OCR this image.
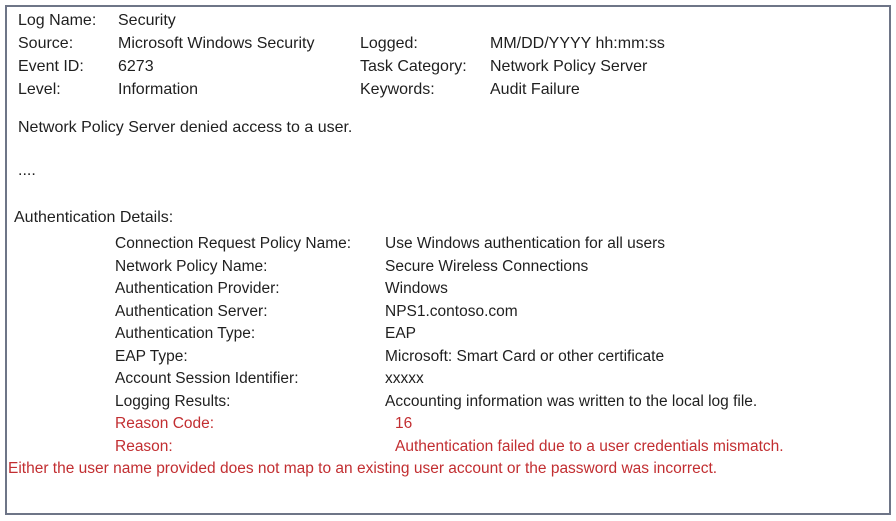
Log Name:	Security
Source:	Microsoft Windows Security	Logged:	MM/DD/YYYY hh:mm:ss
Event ID:	6273	Task Category:	Network Policy Server
Level:	Information	Keywords:	Audit Failure
Network Policy Server denied access to a user.
....
Authentication Details:
Connection Request Policy Name:	Use Windows authentication for all users
Network Policy Name:	Secure Wireless Connections
Authentication Provider:	Windows
Authentication Server:	NPS1.contoso.com
Authentication Type:	EAP
EAP Type:	Microsoft: Smart Card or other certificate
Account Session Identifier:	xxxxx
Logging Results:	Accounting information was written to the local log file.
Reason Code:	16
Reason:	Authentication failed due to a user credentials mismatch.
Either the user name provided does not map to an existing user account or the password was incorrect.
